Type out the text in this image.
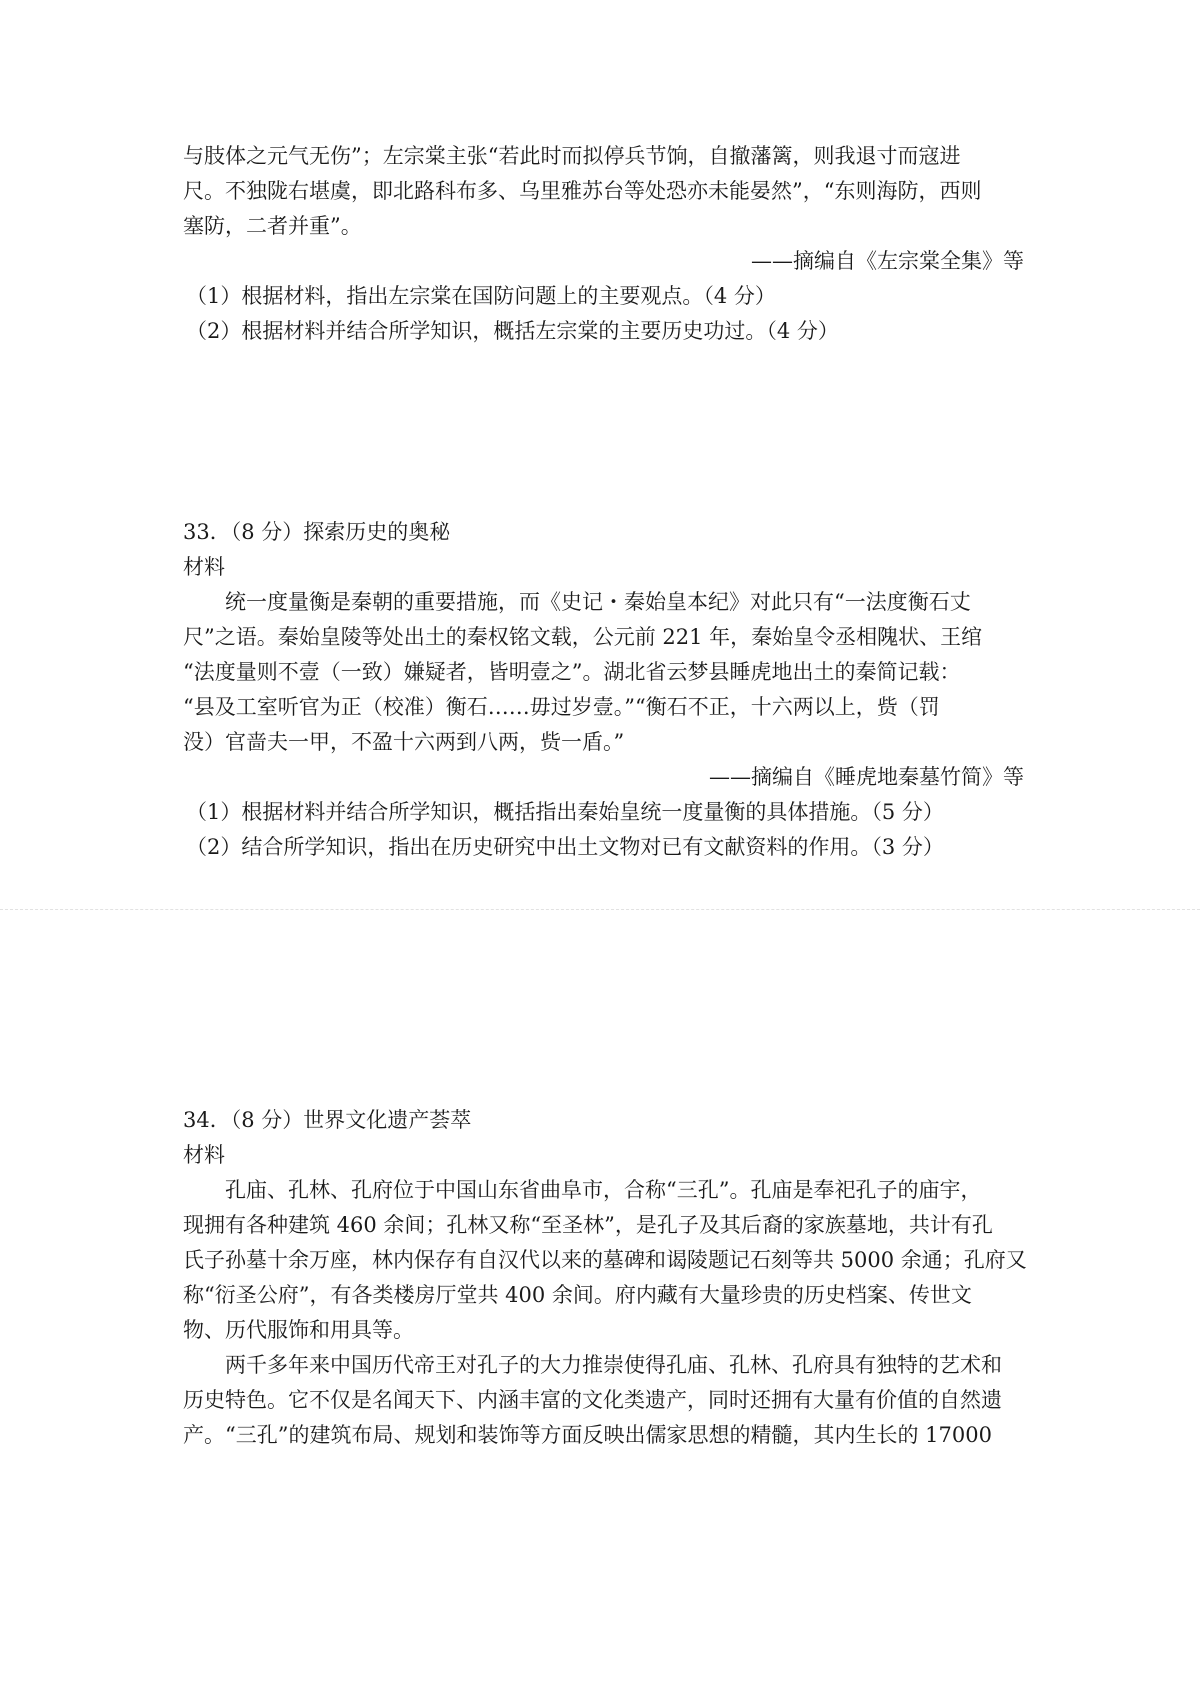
与肢体之元气无伤”；左宗棠主张“若此时而拟停兵节饷，自撤藩篱，则我退寸而寇进
尺。不独陇右堪虞，即北路科布多、乌里雅苏台等处恐亦未能晏然”，“东则海防，西则
塞防，二者并重”。
——摘编自《左宗棠全集》等
（1）根据材料，指出左宗棠在国防问题上的主要观点。（4 分）
（2）根据材料并结合所学知识，概括左宗棠的主要历史功过。（4 分）
33．（8 分）探索历史的奥秘
材料
统一度量衡是秦朝的重要措施，而《史记・秦始皇本纪》对此只有“一法度衡石丈
尺”之语。秦始皇陵等处出土的秦权铭文载，公元前 221 年，秦始皇令丞相隗状、王绾
“法度量则不壹（一致）嫌疑者，皆明壹之”。湖北省云梦县睡虎地出土的秦简记载：
“县及工室听官为正（校准）衡石……毋过岁壹。”“衡石不正，十六两以上，赀（罚
没）官啬夫一甲，不盈十六两到八两，赀一盾。”
——摘编自《睡虎地秦墓竹简》等
（1）根据材料并结合所学知识，概括指出秦始皇统一度量衡的具体措施。（5 分）
（2）结合所学知识，指出在历史研究中出土文物对已有文献资料的作用。（3 分）
34．（8 分）世界文化遗产荟萃
材料
孔庙、孔林、孔府位于中国山东省曲阜市，合称“三孔”。孔庙是奉祀孔子的庙宇，
现拥有各种建筑 460 余间；孔林又称“至圣林”，是孔子及其后裔的家族墓地，共计有孔
氏子孙墓十余万座，林内保存有自汉代以来的墓碑和谒陵题记石刻等共 5000 余通；孔府又
称“衍圣公府”，有各类楼房厅堂共 400 余间。府内藏有大量珍贵的历史档案、传世文
物、历代服饰和用具等。
两千多年来中国历代帝王对孔子的大力推崇使得孔庙、孔林、孔府具有独特的艺术和
历史特色。它不仅是名闻天下、内涵丰富的文化类遗产，同时还拥有大量有价值的自然遗
产。“三孔”的建筑布局、规划和装饰等方面反映出儒家思想的精髓，其内生长的 17000
